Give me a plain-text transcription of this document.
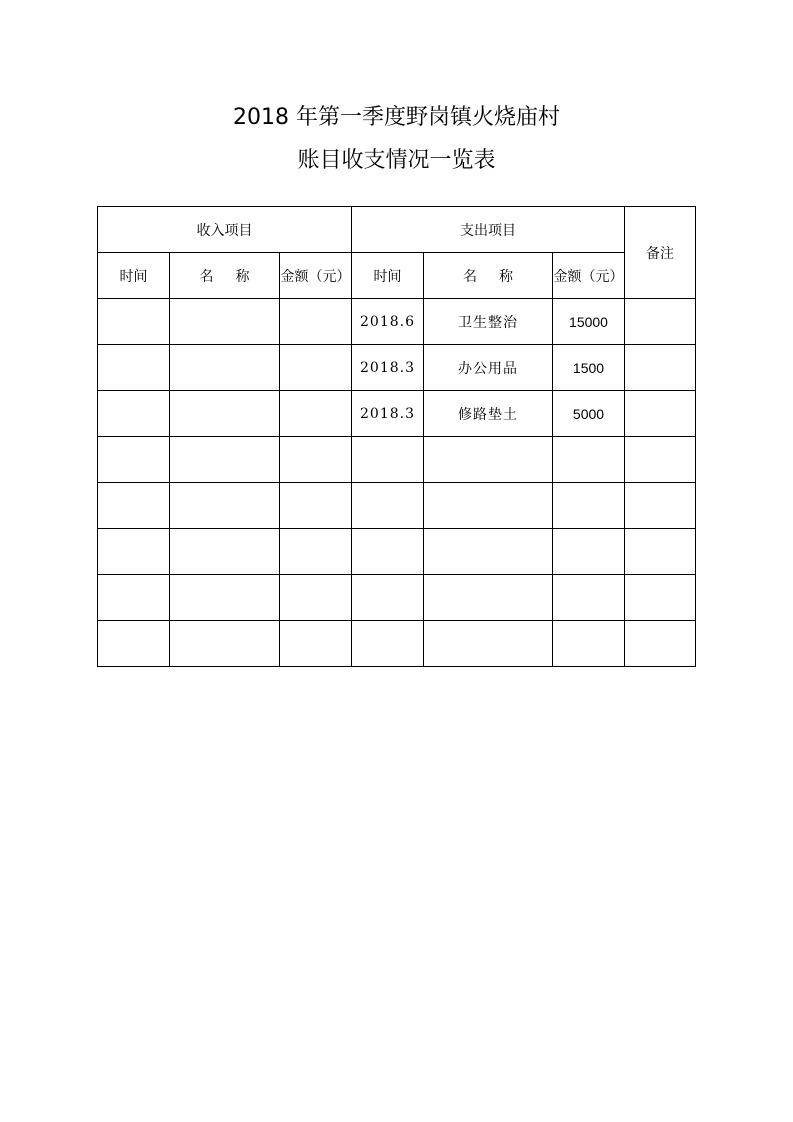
2018 年第一季度野岗镇火烧庙村
账目收支情况一览表
收入项目			支出项目			备注
时间	名 称	金额（元）	时间	名 称	金额（元）	
			2018.6	卫生整治	15000	
			2018.3	办公用品	1500	
			2018.3	修路垫土	5000	
